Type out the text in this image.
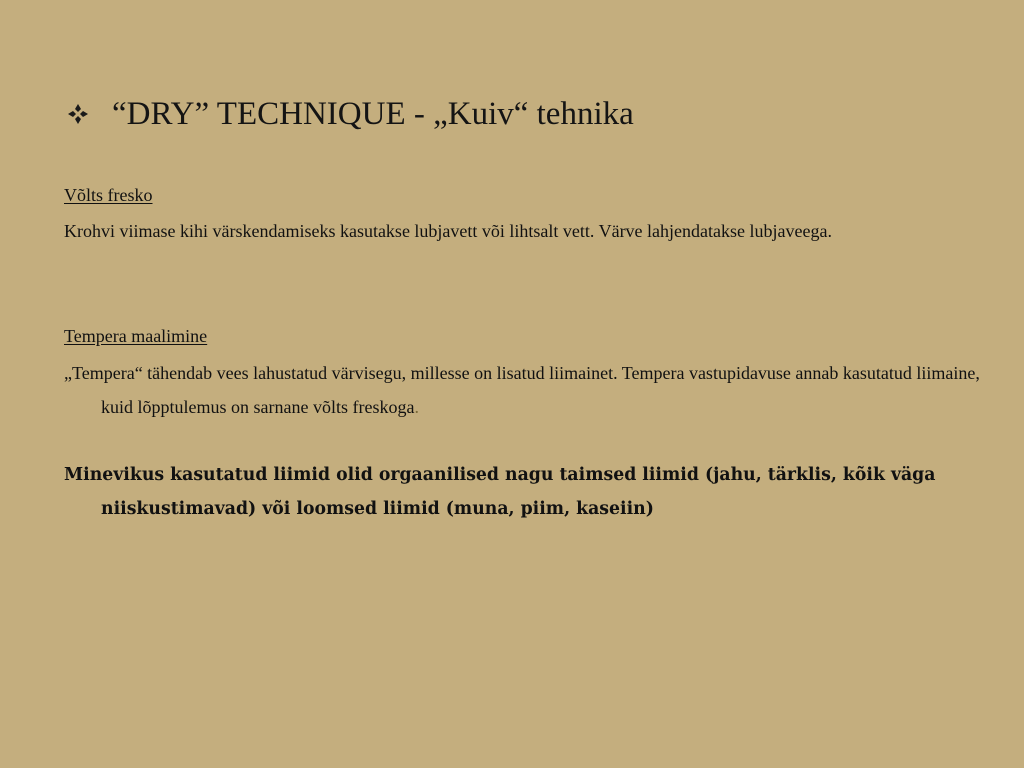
“DRY” TECHNIQUE - „Kuiv“ tehnika
Võlts fresko
Krohvi viimase kihi värskendamiseks kasutakse lubjavett või lihtsalt vett. Värve lahjendatakse lubjaveega.
Tempera maalimine
„Tempera“ tähendab vees lahustatud värvisegu, millesse on lisatud liimainet. Tempera vastupidavuse annab kasutatud liimaine, kuid lõpptulemus on sarnane võlts freskoga.
Minevikus kasutatud liimid olid orgaanilised nagu taimsed liimid (jahu, tärklis, kõik väga niiskustimavad) või loomsed liimid (muna, piim, kaseiin)
